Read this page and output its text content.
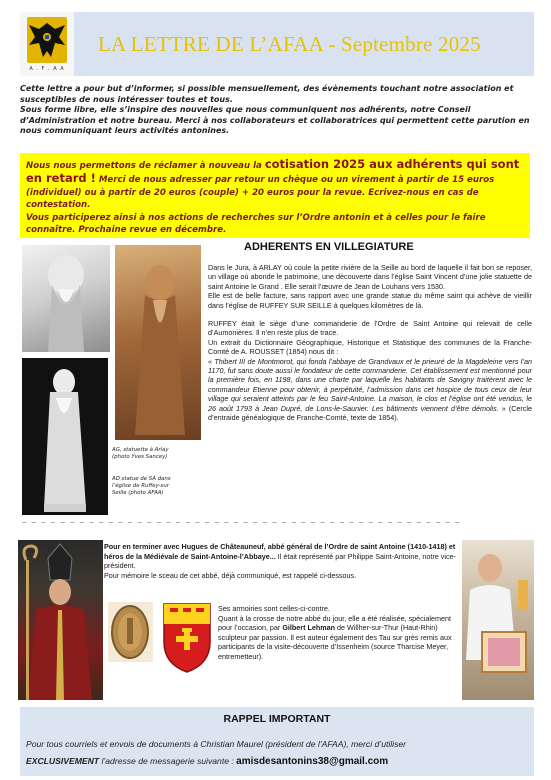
A . F . A A
LA LETTRE DE L’AFAA - Septembre 2025

Cette lettre a pour but d’informer, si possible mensuellement, des évènements touchant notre association et susceptibles de nous intéresser toutes et tous.

Sous forme libre, elle s’inspire des nouvelles que nous communiquent nos adhérents, notre Conseil d’Administration et notre bureau. Merci à nos collaborateurs et collaboratrices qui permettent cette parution en nous communiquant leurs activités antonines.

Nous nous permettons de réclamer à nouveau la cotisation 2025 aux adhérents qui sont en retard ! Merci de nous adresser par retour un chèque ou un virement à partir de 15 euros (individuel) ou à partir de 20 euros (couple) + 20 euros pour la revue. Ecrivez-nous en cas de contestation.

Vous participerez ainsi à nos actions de recherches sur l’Ordre antonin et à celles pour le faire connaître. Prochaine revue en décembre.

ADHERENTS EN VILLEGIATURE
AG, statuette à Arlay
(photo Yves Sancey)
AD statue de SA dans
l’église de Ruffey-sur
Seille (photo AFAA)

Dans le Jura, à ARLAY où coule la petite rivière de la Seille au bord de laquelle il fait bon se reposer, un village où abonde le patrimoine, une découverte dans l’église Saint Vincent d’une jolie statuette de saint Antoine le Grand . Elle serait l’œuvre de Jean de Louhans vers 1530.

Elle est de belle facture, sans rapport avec une grande statue du même saint qui achève de vieillir dans l’église de RUFFEY SUR SEILLE à quelques kilomètres de là.

RUFFEY était le siège d’une commanderie de l’Ordre de Saint Antoine qui relevait de celle d’Aumonières. Il n’en reste plus de trace.

Un extrait du Dictionnaire Géographique, Historique et Statistique des communes de la Franche-Comté de A. ROUSSET (1854) nous dit :

« Thibert III de Montmorot, qui fonda l’abbaye de Grandvaux et le prieuré de la Magdeleine vers l’an 1170, fut sans doute aussi le fondateur de cette commanderie. Cet établissement est mentionné pour la première fois, en 1198, dans une charte par laquelle les habitants de Savigny traitèrent avec le commandeur Etienne pour obtenir, à perpétuité, l’admission dans cet hospice de tous ceux de leur village qui seraient atteints par le feu Saint-Antoine. La maison, le clos et l’église ont été vendus, le 26 août 1793 à Jean Dupré, de Lons-le-Saunier. Les bâtiments viennent d’être démolis. » (Cercle d’entraide généalogique de Franche-Comté, texte de 1854).

— — — — — — — — — — — — — — — — — — — — — — — — — — — — — — — — — — — — — — — — — — — — — —
Pour en terminer avec Hugues de Châteauneuf, abbé général de l’Ordre de saint Antoine (1410-1418) et héros de la Médiévale de Saint-Antoine-l’Abbaye... Il était représenté par Philippe Saint-Antoine, notre vice-président.
Pour mémoire le sceau de cet abbé, déjà communiqué, est rappelé ci-dessous.
Ses armoiries sont celles-ci-contre.
Quant à la crosse de notre abbé du jour, elle a été réalisée, spécialement pour l’occasion, par Gilbert Lehman de Willher-sur-Thur (Haut-Rhin) sculpteur par passion. Il est auteur également des Tau sur grès remis aux participants de la visite-découverte d’Issenheim (source Tharcise Meyer, entremetteur).
RAPPEL IMPORTANT
Pour tous courriels et envois de documents à Christian Maurel (président de l’AFAA), merci d’utiliser
EXCLUSIVEMENT l’adresse de messagerie suivante : amisdesantonins38@gmail.com
